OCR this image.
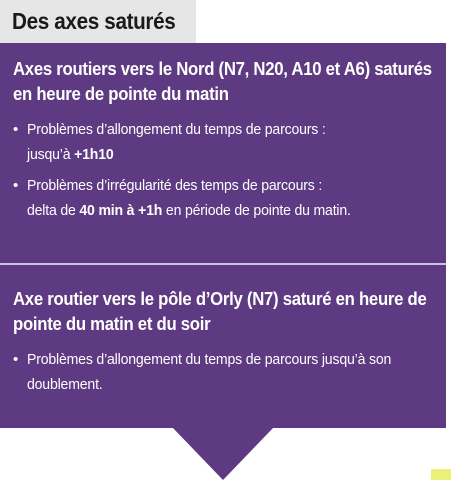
Des axes saturés
Axes routiers vers le Nord (N7, N20, A10 et A6) saturés en heure de pointe du matin
• Problèmes d’allongement du temps de parcours :
jusqu’à +1h10
• Problèmes d’irrégularité des temps de parcours :
delta de 40 min à +1h en période de pointe du matin.
Axe routier vers le pôle d’Orly (N7) saturé en heure de pointe du matin et du soir
• Problèmes d’allongement du temps de parcours jusqu’à son
doublement.
